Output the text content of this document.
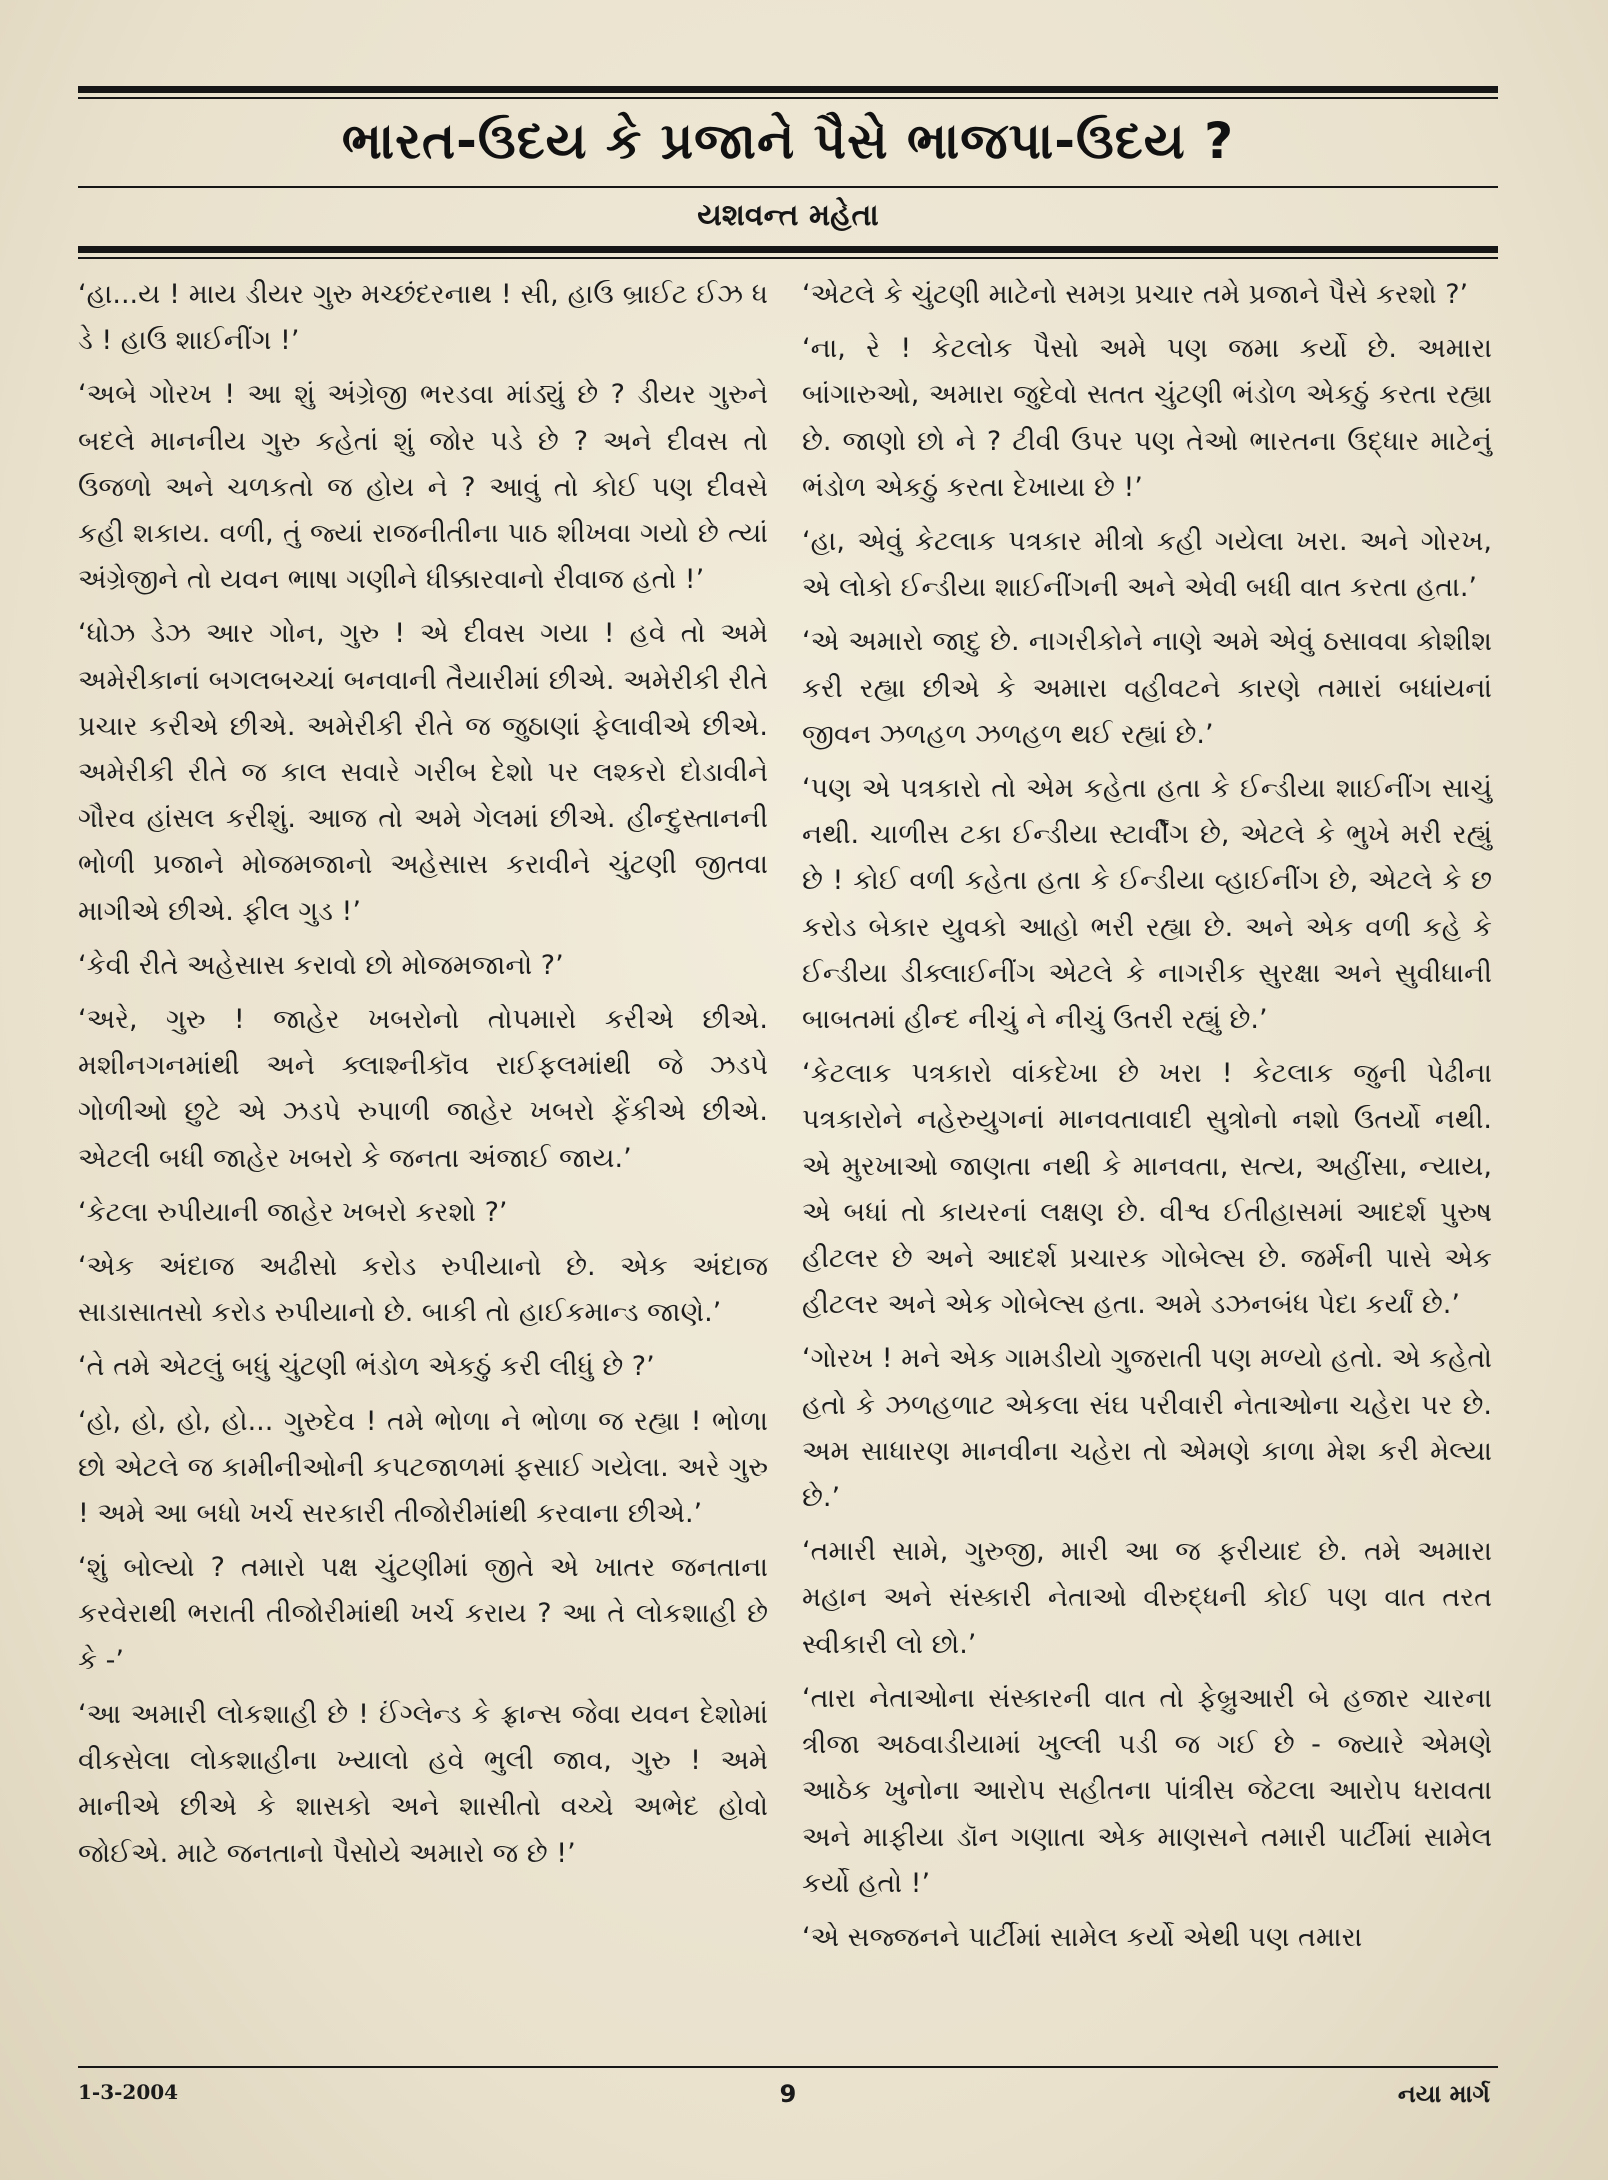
ભારત-ઉદય કે પ્રજાને પૈસે ભાજપા-ઉદય ?
યશવન્ત મહેતા

‘હા...ય ! માય ડીયર ગુરુ મચ્છંદરનાથ ! સી, હાઉ બ્રાઈટ ઈઝ ધ ડે ! હાઉ શાઈનીંગ !’

‘અબે ગોરખ ! આ શું અંગ્રેજી ભરડવા માંડ્યું છે ? ડીયર ગુરુને બદલે માનનીય ગુરુ કહેતાં શું જોર પડે છે ? અને દીવસ તો ઉજળો અને ચળકતો જ હોય ને ? આવું તો કોઈ પણ દીવસે કહી શકાય. વળી, તું જ્યાં રાજનીતીના પાઠ શીખવા ગયો છે ત્યાં અંગ્રેજીને તો યવન ભાષા ગણીને ધીક્કારવાનો રીવાજ હતો !’

‘ધોઝ ડેઝ આર ગોન, ગુરુ ! એ દીવસ ગયા ! હવે તો અમે અમેરીકાનાં બગલબચ્ચાં બનવાની તૈયારીમાં છીએ. અમેરીકી રીતે પ્રચાર કરીએ છીએ. અમેરીકી રીતે જ જુઠાણાં ફેલાવીએ છીએ. અમેરીકી રીતે જ કાલ સવારે ગરીબ દેશો પર લશ્કરો દોડાવીને ગૌરવ હાંસલ કરીશું. આજ તો અમે ગેલમાં છીએ. હીન્દુસ્તાનની ભોળી પ્રજાને મોજમજાનો અહેસાસ કરાવીને ચુંટણી જીતવા માગીએ છીએ. ફીલ ગુડ !’

‘કેવી રીતે અહેસાસ કરાવો છો મોજમજાનો ?’

‘અરે, ગુરુ ! જાહેર ખબરોનો તોપમારો કરીએ છીએ. મશીનગનમાંથી અને ક્લાશ્નીકૉવ રાઈફલમાંથી જે ઝડપે ગોળીઓ છુટે એ ઝડપે રુપાળી જાહેર ખબરો ફેંકીએ છીએ. એટલી બધી જાહેર ખબરો કે જનતા અંજાઈ જાય.’

‘કેટલા રુપીયાની જાહેર ખબરો કરશો ?’

‘એક અંદાજ અઢીસો કરોડ રુપીયાનો છે. એક અંદાજ સાડાસાતસો કરોડ રુપીયાનો છે. બાકી તો હાઈકમાન્ડ જાણે.’

‘તે તમે એટલું બધું ચુંટણી ભંડોળ એકઠું કરી લીધું છે ?’

‘હો, હો, હો, હો... ગુરુદેવ ! તમે ભોળા ને ભોળા જ રહ્યા ! ભોળા છો એટલે જ કામીનીઓની કપટજાળમાં ફસાઈ ગયેલા. અરે ગુરુ ! અમે આ બધો ખર્ચ સરકારી તીજોરીમાંથી કરવાના છીએ.’

‘શું બોલ્યો ? તમારો પક્ષ ચુંટણીમાં જીતે એ ખાતર જનતાના કરવેરાથી ભરાતી તીજોરીમાંથી ખર્ચ કરાય ? આ તે લોકશાહી છે કે -’

‘આ અમારી લોકશાહી છે ! ઈંગ્લેન્ડ કે ફ્રાન્સ જેવા યવન દેશોમાં વીકસેલા લોકશાહીના ખ્યાલો હવે ભુલી જાવ, ગુરુ ! અમે માનીએ છીએ કે શાસકો અને શાસીતો વચ્ચે અભેદ હોવો જોઈએ. માટે જનતાનો પૈસોયે અમારો જ છે !’

‘એટલે કે ચુંટણી માટેનો સમગ્ર પ્રચાર તમે પ્રજાને પૈસે કરશો ?’

‘ના, રે ! કેટલોક પૈસો અમે પણ જમા કર્યો છે. અમારા બાંગારુઓ, અમારા જુદેવો સતત ચુંટણી ભંડોળ એકઠું કરતા રહ્યા છે. જાણો છો ને ? ટીવી ઉપર પણ તેઓ ભારતના ઉદ્ધાર માટેનું ભંડોળ એકઠું કરતા દેખાયા છે !’

‘હા, એવું કેટલાક પત્રકાર મીત્રો કહી ગયેલા ખરા. અને ગોરખ, એ લોકો ઈન્ડીયા શાઈનીંગની અને એવી બધી વાત કરતા હતા.’

‘એ અમારો જાદુ છે. નાગરીકોને નાણે અમે એવું ઠસાવવા કોશીશ કરી રહ્યા છીએ કે અમારા વહીવટને કારણે તમારાં બધાંયનાં જીવન ઝળહળ ઝળહળ થઈ રહ્યાં છે.’

‘પણ એ પત્રકારો તો એમ કહેતા હતા કે ઈન્ડીયા શાઈનીંગ સાચું નથી. ચાળીસ ટકા ઈન્ડીયા સ્ટાર્વીંગ છે, એટલે કે ભુખે મરી રહ્યું છે ! કોઈ વળી કહેતા હતા કે ઈન્ડીયા વ્હાઈનીંગ છે, એટલે કે છ કરોડ બેકાર યુવકો આહો ભરી રહ્યા છે. અને એક વળી કહે કે ઈન્ડીયા ડીક્લાઈનીંગ એટલે કે નાગરીક સુરક્ષા અને સુવીધાની બાબતમાં હીન્દ નીચું ને નીચું ઉતરી રહ્યું છે.’

‘કેટલાક પત્રકારો વાંકદેખા છે ખરા ! કેટલાક જુની પેઢીના પત્રકારોને નહેરુયુગનાં માનવતાવાદી સુત્રોનો નશો ઉતર્યો નથી. એ મુરખાઓ જાણતા નથી કે માનવતા, સત્ય, અહીંસા, ન્યાય, એ બધાં તો કાયરનાં લક્ષણ છે. વીશ્વ ઈતીહાસમાં આદર્શ પુરુષ હીટલર છે અને આદર્શ પ્રચારક ગોબેલ્સ છે. જર્મની પાસે એક હીટલર અને એક ગોબેલ્સ હતા. અમે ડઝનબંધ પેદા કર્યાં છે.’

‘ગોરખ ! મને એક ગામડીયો ગુજરાતી પણ મળ્યો હતો. એ કહેતો હતો કે ઝળહળાટ એકલા સંઘ પરીવારી નેતાઓના ચહેરા પર છે. અમ સાધારણ માનવીના ચહેરા તો એમણે કાળા મેશ કરી મેલ્યા છે.’

‘તમારી સામે, ગુરુજી, મારી આ જ ફરીયાદ છે. તમે અમારા મહાન અને સંસ્કારી નેતાઓ વીરુદ્ધની કોઈ પણ વાત તરત સ્વીકારી લો છો.’

‘તારા નેતાઓના સંસ્કારની વાત તો ફેબ્રુઆરી બે હજાર ચારના ત્રીજા અઠવાડીયામાં ખુલ્લી પડી જ ગઈ છે - જ્યારે એમણે આઠેક ખુનોના આરોપ સહીતના પાંત્રીસ જેટલા આરોપ ધરાવતા અને માફીયા ડૉન ગણાતા એક માણસને તમારી પાર્ટીમાં સામેલ કર્યો હતો !’

‘એ સજ્જનને પાર્ટીમાં સામેલ કર્યો એથી પણ તમારા

1-3-2004	9	નયા માર્ગ
